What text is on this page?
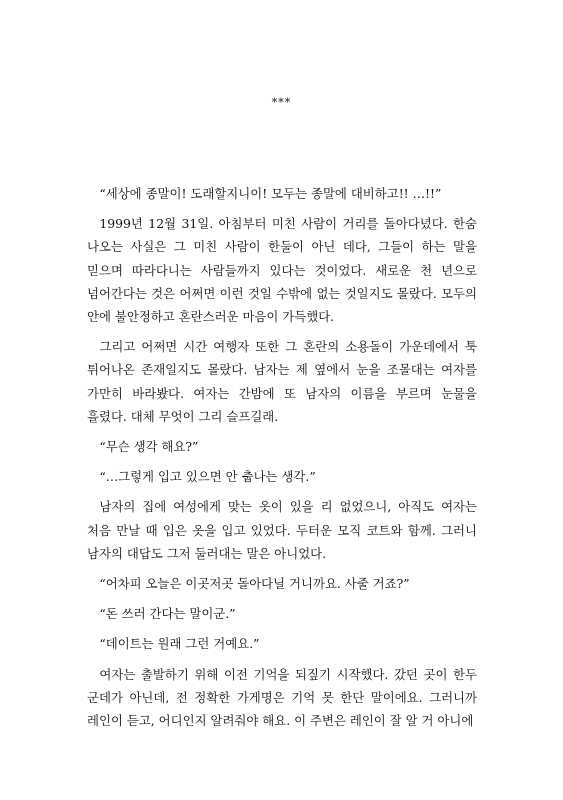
***

“세상에 종말이! 도래할지니이! 모두는 종말에 대비하고!! …!!”

1999년 12월 31일. 아침부터 미친 사람이 거리를 돌아다녔다. 한숨 나오는 사실은 그 미친 사람이 한둘이 아닌 데다, 그들이 하는 말을 믿으며 따라다니는 사람들까지 있다는 것이었다. 새로운 천 년으로 넘어간다는 것은 어쩌면 이런 것일 수밖에 없는 것일지도 몰랐다. 모두의 안에 불안정하고 혼란스러운 마음이 가득했다.

그리고 어쩌면 시간 여행자 또한 그 혼란의 소용돌이 가운데에서 툭 튀어나온 존재일지도 몰랐다. 남자는 제 옆에서 눈을 조몰대는 여자를 가만히 바라봤다. 여자는 간밤에 또 남자의 이름을 부르며 눈물을 흘렸다. 대체 무엇이 그리 슬프길래.

“무슨 생각 해요?”

“…그렇게 입고 있으면 안 춥나는 생각.”

남자의 집에 여성에게 맞는 옷이 있을 리 없었으니, 아직도 여자는 처음 만날 때 입은 옷을 입고 있었다. 두터운 모직 코트와 함께. 그러니 남자의 대답도 그저 둘러대는 말은 아니었다.

“어차피 오늘은 이곳저곳 돌아다닐 거니까요. 사줄 거죠?”

“돈 쓰러 간다는 말이군.”

“데이트는 원래 그런 거예요.”

여자는 출발하기 위해 이전 기억을 되짚기 시작했다. 갔던 곳이 한두 군데가 아닌데, 전 정확한 가게명은 기억 못 한단 말이에요. 그러니까 레인이 듣고, 어디인지 알려줘야 해요. 이 주변은 레인이 잘 알 거 아니에
